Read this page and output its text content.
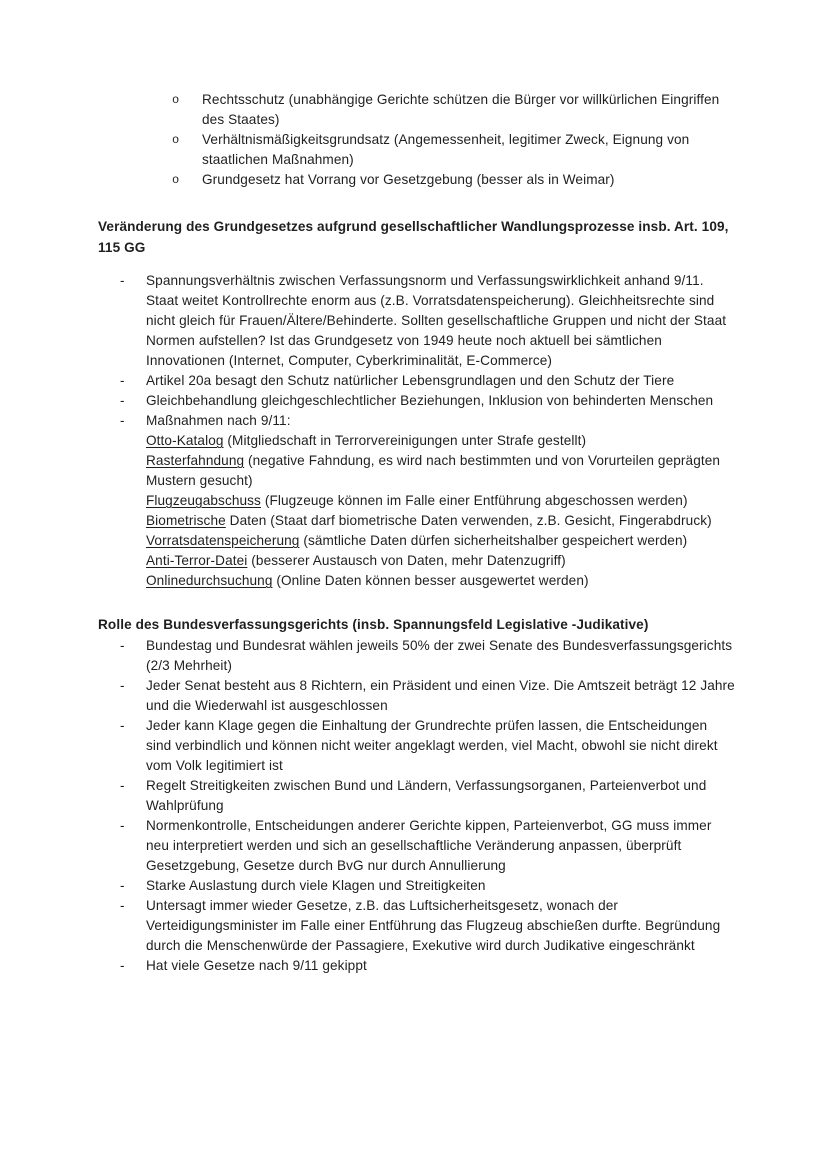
o	Rechtsschutz (unabhängige Gerichte schützen die Bürger vor willkürlichen Eingriffen des Staates)
o	Verhältnismäßigkeitsgrundsatz (Angemessenheit, legitimer Zweck, Eignung von staatlichen Maßnahmen)
o	Grundgesetz hat Vorrang vor Gesetzgebung (besser als in Weimar)
Veränderung des Grundgesetzes aufgrund gesellschaftlicher Wandlungsprozesse insb. Art. 109, 115 GG
-	Spannungsverhältnis zwischen Verfassungsnorm und Verfassungswirklichkeit anhand 9/11. Staat weitet Kontrollrechte enorm aus (z.B. Vorratsdatenspeicherung). Gleichheitsrechte sind nicht gleich für Frauen/Ältere/Behinderte. Sollten gesellschaftliche Gruppen und nicht der Staat Normen aufstellen? Ist das Grundgesetz von 1949 heute noch aktuell bei sämtlichen Innovationen (Internet, Computer, Cyberkriminalität, E-Commerce)
-	Artikel 20a besagt den Schutz natürlicher Lebensgrundlagen und den Schutz der Tiere
-	Gleichbehandlung gleichgeschlechtlicher Beziehungen, Inklusion von behinderten Menschen
-	Maßnahmen nach 9/11:
Otto-Katalog (Mitgliedschaft in Terrorvereinigungen unter Strafe gestellt)
Rasterfahndung (negative Fahndung, es wird nach bestimmten und von Vorurteilen geprägten Mustern gesucht)
Flugzeugabschuss (Flugzeuge können im Falle einer Entführung abgeschossen werden)
Biometrische Daten (Staat darf biometrische Daten verwenden, z.B. Gesicht, Fingerabdruck)
Vorratsdatenspeicherung (sämtliche Daten dürfen sicherheitshalber gespeichert werden)
Anti-Terror-Datei (besserer Austausch von Daten, mehr Datenzugriff)
Onlinedurchsuchung (Online Daten können besser ausgewertet werden)
Rolle des Bundesverfassungsgerichts (insb. Spannungsfeld Legislative -Judikative)
-	Bundestag und Bundesrat wählen jeweils 50% der zwei Senate des Bundesverfassungsgerichts (2/3 Mehrheit)
-	Jeder Senat besteht aus 8 Richtern, ein Präsident und einen Vize. Die Amtszeit beträgt 12 Jahre und die Wiederwahl ist ausgeschlossen
-	Jeder kann Klage gegen die Einhaltung der Grundrechte prüfen lassen, die Entscheidungen sind verbindlich und können nicht weiter angeklagt werden, viel Macht, obwohl sie nicht direkt vom Volk legitimiert ist
-	Regelt Streitigkeiten zwischen Bund und Ländern, Verfassungsorganen, Parteienverbot und Wahlprüfung
-	Normenkontrolle, Entscheidungen anderer Gerichte kippen, Parteienverbot, GG muss immer neu interpretiert werden und sich an gesellschaftliche Veränderung anpassen, überprüft Gesetzgebung, Gesetze durch BvG nur durch Annullierung
-	Starke Auslastung durch viele Klagen und Streitigkeiten
-	Untersagt immer wieder Gesetze, z.B. das Luftsicherheitsgesetz, wonach der Verteidigungsminister im Falle einer Entführung das Flugzeug abschießen durfte. Begründung durch die Menschenwürde der Passagiere, Exekutive wird durch Judikative eingeschränkt
-	Hat viele Gesetze nach 9/11 gekippt
